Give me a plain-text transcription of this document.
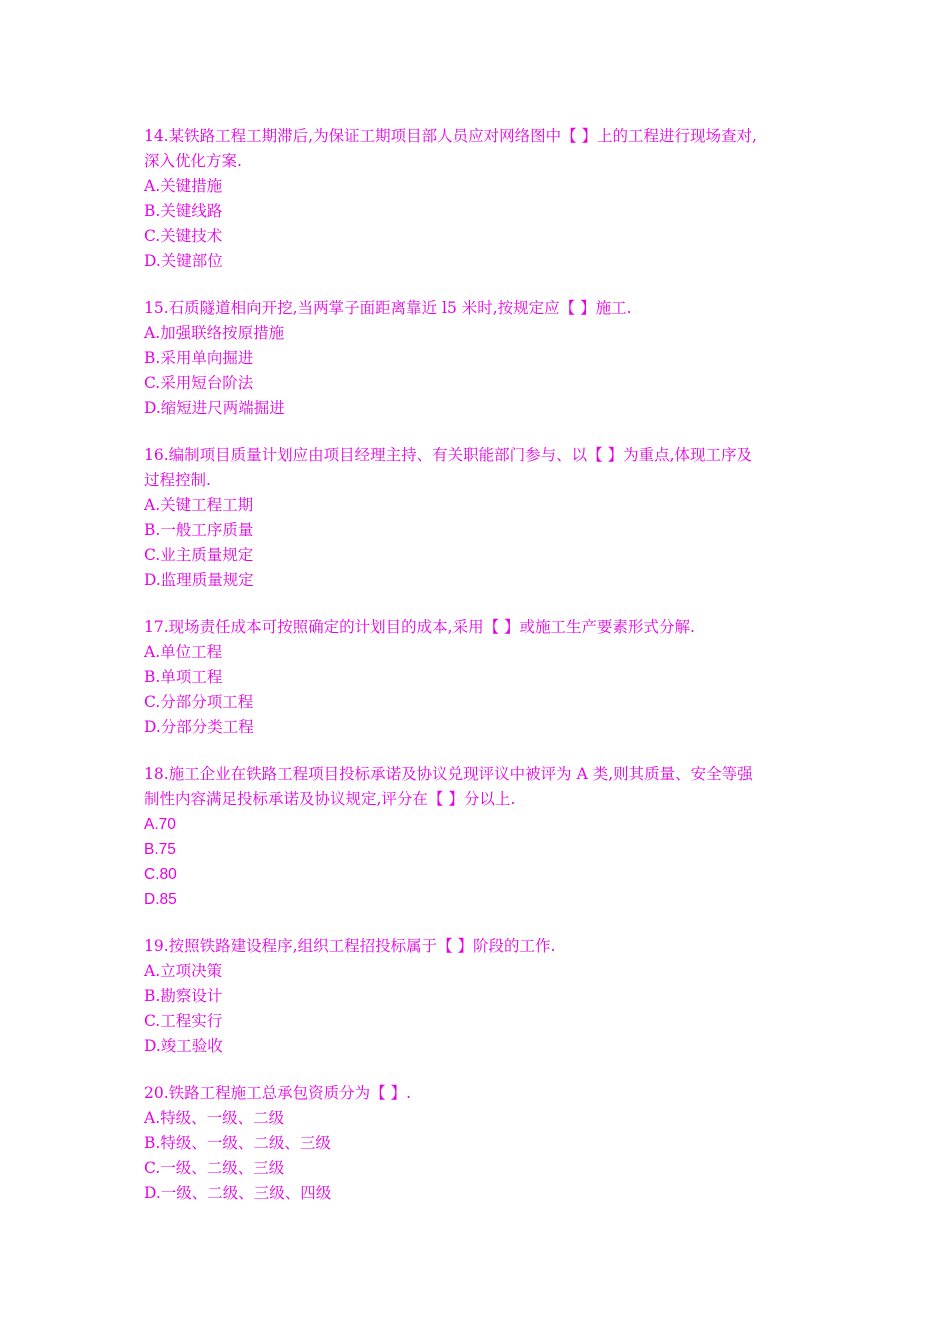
14.某铁路工程工期滞后,为保证工期项目部人员应对网络图中【 】上的工程进行现场查对,

深入优化方案.

A.关键措施

B.关键线路

C.关键技术

D.关键部位

15.石质隧道相向开挖,当两掌子面距离靠近 l5 米时,按规定应【 】施工.

A.加强联络按原措施

B.采用单向掘进

C.采用短台阶法

D.缩短进尺两端掘进

16.编制项目质量计划应由项目经理主持、有关职能部门参与、以【 】为重点,体现工序及

过程控制.

A.关键工程工期

B.一般工序质量

C.业主质量规定

D.监理质量规定

17.现场责任成本可按照确定的计划目的成本,采用【 】或施工生产要素形式分解.

A.单位工程

B.单项工程

C.分部分项工程

D.分部分类工程

18.施工企业在铁路工程项目投标承诺及协议兑现评议中被评为 A 类,则其质量、安全等强

制性内容满足投标承诺及协议规定,评分在【 】分以上.

A.70

B.75

C.80

D.85

19.按照铁路建设程序,组织工程招投标属于【 】阶段的工作.

A.立项决策

B.勘察设计

C.工程实行

D.竣工验收

20.铁路工程施工总承包资质分为【 】.

A.特级、一级、二级

B.特级、一级、二级、三级

C.一级、二级、三级

D.一级、二级、三级、四级
